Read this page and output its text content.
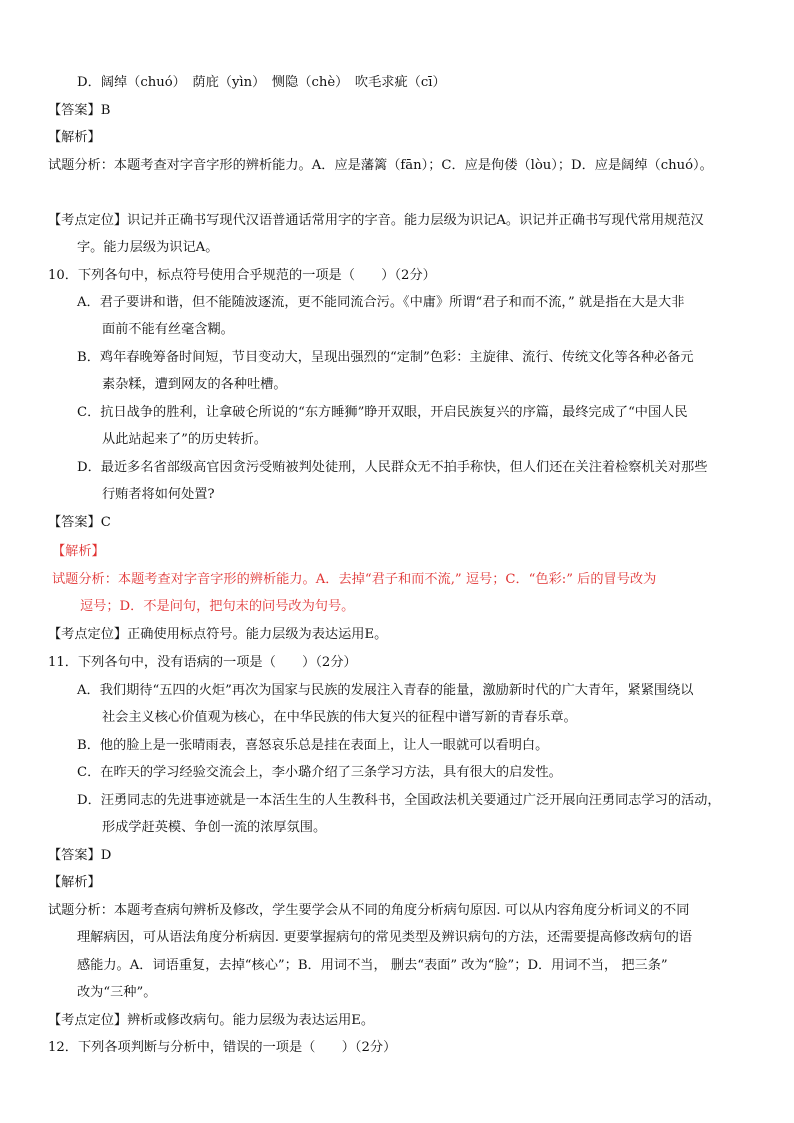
D．阔绰（chuó）　荫庇（yìn）　恻隐（chè）　吹毛求疵（cī）
【答案】B
【解析】
试题分析：本题考查对字音字形的辨析能力。A．应是藩篱（fān）；C．应是佝偻（lòu）；D．应是阔绰（chuó）。
【考点定位】识记并正确书写现代汉语普通话常用字的字音。能力层级为识记A。识记并正确书写现代常用规范汉
字。能力层级为识记A。
10．下列各句中，标点符号使用合乎规范的一项是（　　）（2分）
A．君子要讲和谐，但不能随波逐流，更不能同流合污。《中庸》所谓“君子和而不流，” 就是指在大是大非
面前不能有丝毫含糊。
B．鸡年春晚筹备时间短，节目变动大，呈现出强烈的“定制”色彩：主旋律、流行、传统文化等各种必备元
素杂糅，遭到网友的各种吐槽。
C．抗日战争的胜利，让拿破仑所说的“东方睡狮”睁开双眼，开启民族复兴的序篇，最终完成了“中国人民
从此站起来了”的历史转折。
D．最近多名省部级高官因贪污受贿被判处徒刑，人民群众无不拍手称快，但人们还在关注着检察机关对那些
行贿者将如何处置?
【答案】C
【解析】
试题分析：本题考查对字音字形的辨析能力。A．去掉“君子和而不流,” 逗号；C．“色彩:” 后的冒号改为
逗号；D．不是问句，把句末的问号改为句号。
【考点定位】正确使用标点符号。能力层级为表达运用E。
11．下列各句中，没有语病的一项是（　　）（2分）
A．我们期待“五四的火炬”再次为国家与民族的发展注入青春的能量，激励新时代的广大青年，紧紧围绕以
社会主义核心价值观为核心，在中华民族的伟大复兴的征程中谱写新的青春乐章。
B．他的脸上是一张晴雨表，喜怒哀乐总是挂在表面上，让人一眼就可以看明白。
C．在昨天的学习经验交流会上，李小璐介绍了三条学习方法，具有很大的启发性。
D．汪勇同志的先进事迹就是一本活生生的人生教科书，全国政法机关要通过广泛开展向汪勇同志学习的活动，
形成学赶英模、争创一流的浓厚氛围。
【答案】D
【解析】
试题分析：本题考查病句辨析及修改，学生要学会从不同的角度分析病句原因. 可以从内容角度分析词义的不同
理解病因，可从语法角度分析病因. 更要掌握病句的常见类型及辨识病句的方法，还需要提高修改病句的语
感能力。A．词语重复，去掉“核心”；B．用词不当， 删去“表面” 改为“脸”；D．用词不当， 把三条”
改为“三种”。
【考点定位】辨析或修改病句。能力层级为表达运用E。
12．下列各项判断与分析中，错误的一项是（　　）（2分）
